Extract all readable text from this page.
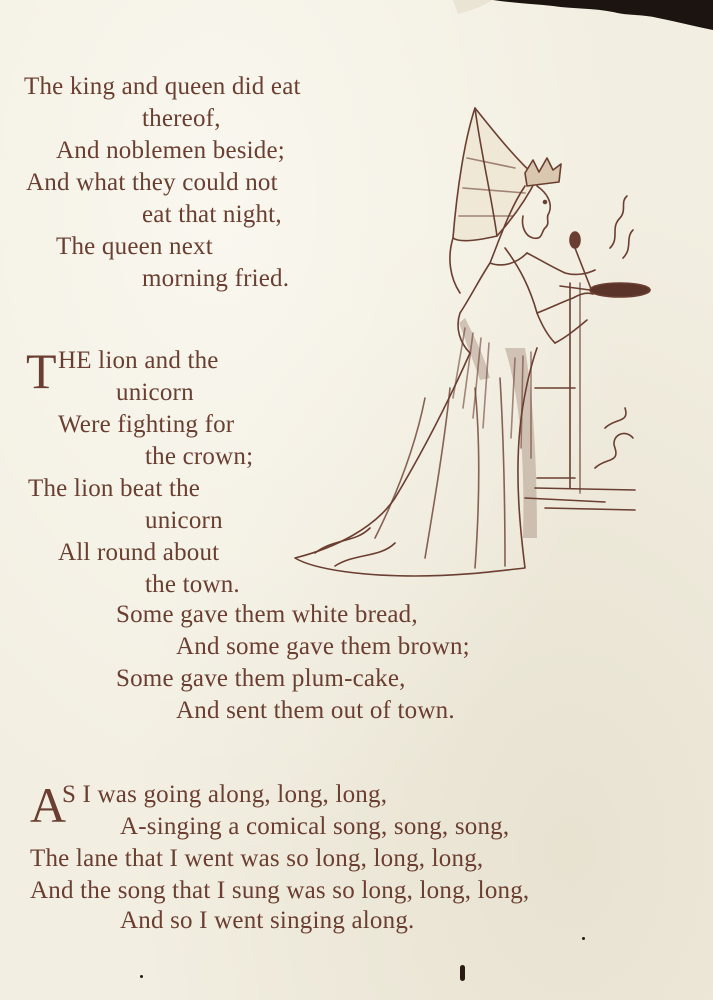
The king and queen did eat
thereof,
And noblemen beside;
And what they could not
eat that night,
The queen next
morning fried.
T HE lion and the
unicorn
Were fighting for
the crown;
The lion beat the
unicorn
All round about
the town.
Some gave them white bread,
And some gave them brown;
Some gave them plum-cake,
And sent them out of town.
A
S I was going along, long, long,
A-singing a comical song, song, song,
The lane that I went was so long, long, long,
And the song that I sung was so long, long, long,
And so I went singing along.
